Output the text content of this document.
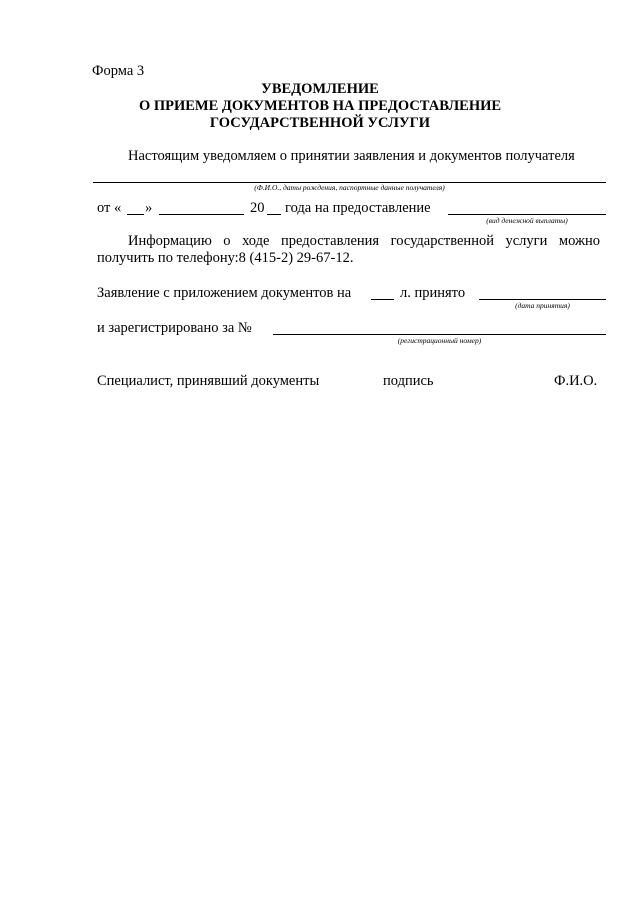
Форма 3
УВЕДОМЛЕНИЕ
О ПРИЕМЕ ДОКУМЕНТОВ НА ПРЕДОСТАВЛЕНИЕ
ГОСУДАРСТВЕННОЙ УСЛУГИ
Настоящим уведомляем о принятии заявления и документов получателя
(Ф.И.О., даты рождения, паспортные данные получателя)
от « »	20 года на предоставление
(вид денежной выплаты)
Информацию о ходе предоставления государственной услуги можно
получить по телефону:8 (415-2) 29-67-12.
Заявление с приложением документов на	л. принято
(дата принятия)
и зарегистрировано за №
(регистрационный номер)
Специалист, принявший документы	подпись	Ф.И.О.
